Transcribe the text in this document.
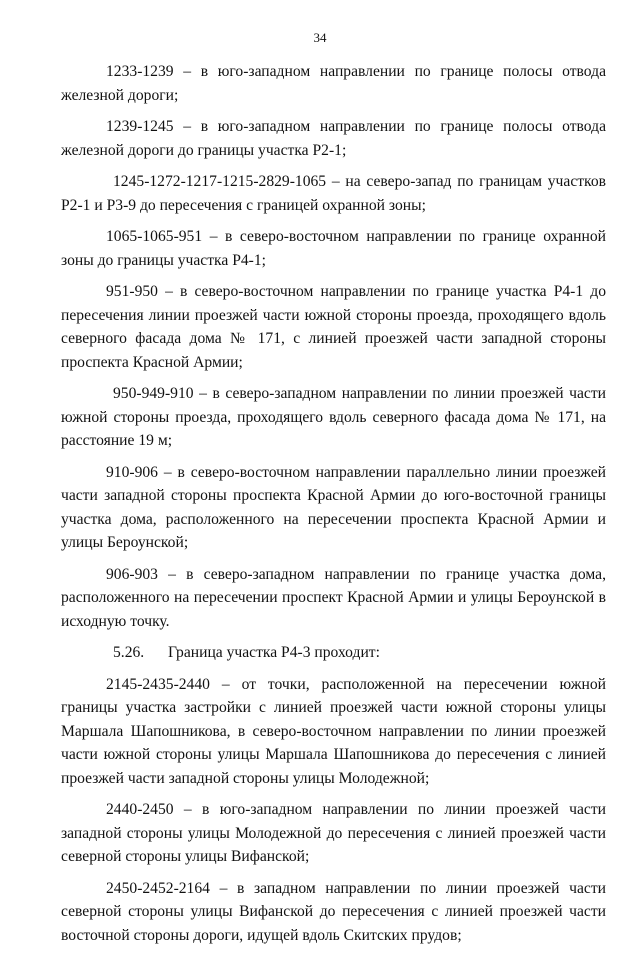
34

1233-1239 – в юго-западном направлении по границе полосы отвода железной дороги;

1239-1245 – в юго-западном направлении по границе полосы отвода железной дороги до границы участка Р2-1;

1245-1272-1217-1215-2829-1065 – на северо-запад по границам участков Р2-1 и Р3-9 до пересечения с границей охранной зоны;

1065-1065-951 – в северо-восточном направлении по границе охранной зоны до границы участка Р4-1;

951-950 – в северо-восточном направлении по границе участка Р4-1 до пересечения линии проезжей части южной стороны проезда, проходящего вдоль северного фасада дома № 171, с линией проезжей части западной стороны проспекта Красной Армии;

950-949-910 – в северо-западном направлении по линии проезжей части южной стороны проезда, проходящего вдоль северного фасада дома № 171, на расстояние 19 м;

910-906 – в северо-восточном направлении параллельно линии проезжей части западной стороны проспекта Красной Армии до юго-восточной границы участка дома, расположенного на пересечении проспекта Красной Армии и улицы Бероунской;

906-903 – в северо-западном направлении по границе участка дома, расположенного на пересечении проспект Красной Армии и улицы Бероунской в исходную точку.

5.26.	Граница участка Р4-3 проходит:

2145-2435-2440 – от точки, расположенной на пересечении южной границы участка застройки с линией проезжей части южной стороны улицы Маршала Шапошникова, в северо-восточном направлении по линии проезжей части южной стороны улицы Маршала Шапошникова до пересечения с линией проезжей части западной стороны улицы Молодежной;

2440-2450 – в юго-западном направлении по линии проезжей части западной стороны улицы Молодежной до пересечения с линией проезжей части северной стороны улицы Вифанской;

2450-2452-2164 – в западном направлении по линии проезжей части северной стороны улицы Вифанской до пересечения с линией проезжей части восточной стороны дороги, идущей вдоль Скитских прудов;
